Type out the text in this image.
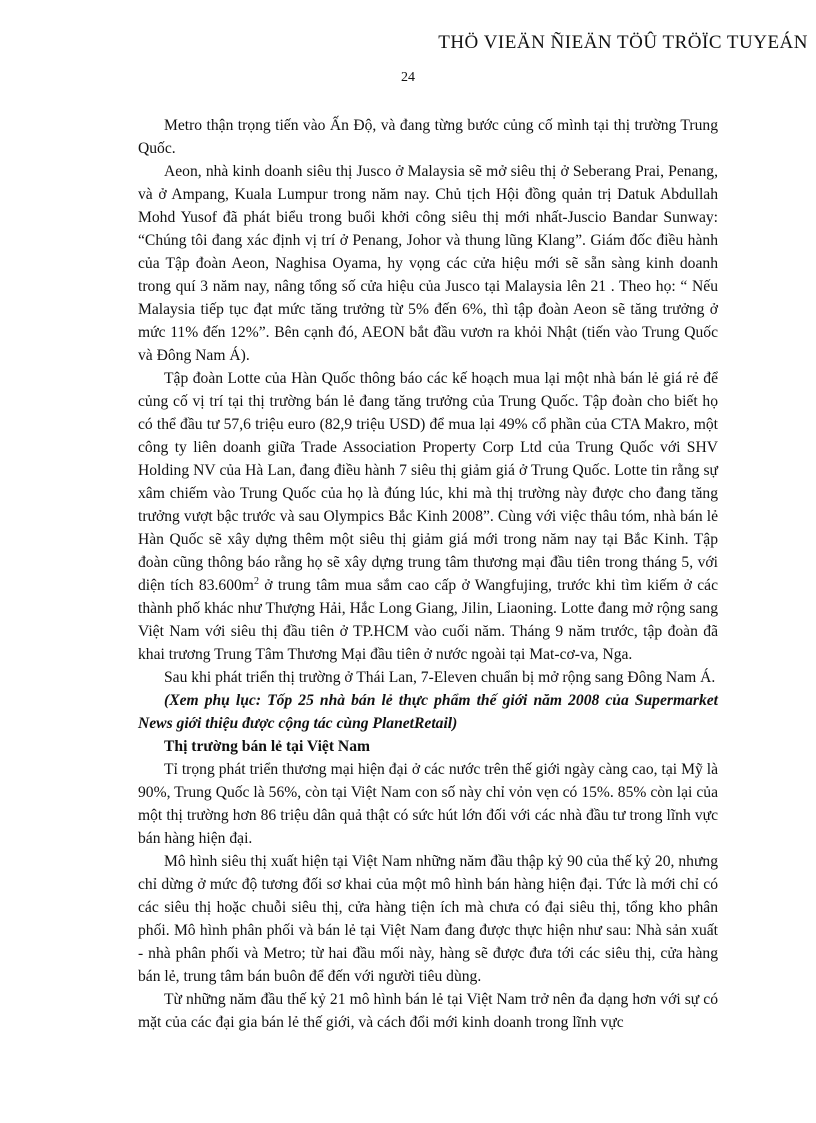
THÖ VIEÄN ÑIEÄN TÖÛ TRÖÏC TUYEÁN
24

Metro thận trọng tiến vào Ấn Độ, và đang từng bước củng cố mình tại thị trường Trung Quốc.

Aeon, nhà kinh doanh siêu thị Jusco ở Malaysia sẽ mở siêu thị ở Seberang Prai, Penang, và ở Ampang, Kuala Lumpur trong năm nay. Chủ tịch Hội đồng quản trị Datuk Abdullah Mohd Yusof đã phát biểu trong buổi khởi công siêu thị mới nhất-Juscio Bandar Sunway: “Chúng tôi đang xác định vị trí ở Penang, Johor và thung lũng Klang”. Giám đốc điều hành của Tập đoàn Aeon, Naghisa Oyama, hy vọng các cửa hiệu mới sẽ sẵn sàng kinh doanh trong quí 3 năm nay, nâng tổng số cửa hiệu của Jusco tại Malaysia lên 21 . Theo họ: “ Nếu Malaysia tiếp tục đạt mức tăng trưởng từ 5% đến 6%, thì tập đoàn Aeon sẽ tăng trưởng ở mức 11% đến 12%”. Bên cạnh đó, AEON bắt đầu vươn ra khỏi Nhật (tiến vào Trung Quốc và Đông Nam Á).

Tập đoàn Lotte của Hàn Quốc thông báo các kế hoạch mua lại một nhà bán lẻ giá rẻ để củng cố vị trí tại thị trường bán lẻ đang tăng trưởng của Trung Quốc. Tập đoàn cho biết họ có thể đầu tư 57,6 triệu euro (82,9 triệu USD) để mua lại 49% cổ phần của CTA Makro, một công ty liên doanh giữa Trade Association Property Corp Ltd của Trung Quốc với SHV Holding NV của Hà Lan, đang điều hành 7 siêu thị giảm giá ở Trung Quốc. Lotte tin rằng sự xâm chiếm vào Trung Quốc của họ là đúng lúc, khi mà thị trường này được cho đang tăng trưởng vượt bậc trước và sau Olympics Bắc Kinh 2008”. Cùng với việc thâu tóm, nhà bán lẻ Hàn Quốc sẽ xây dựng thêm một siêu thị giảm giá mới trong năm nay tại Bắc Kinh. Tập đoàn cũng thông báo rằng họ sẽ xây dựng trung tâm thương mại đầu tiên trong tháng 5, với diện tích $83.600m^2$ ở trung tâm mua sắm cao cấp ở Wangfujing, trước khi tìm kiếm ở các thành phố khác như Thượng Hải, Hắc Long Giang, Jilin, Liaoning. Lotte đang mở rộng sang Việt Nam với siêu thị đầu tiên ở TP.HCM vào cuối năm. Tháng 9 năm trước, tập đoàn đã khai trương Trung Tâm Thương Mại đầu tiên ở nước ngoài tại Mat-cơ-va, Nga.

Sau khi phát triển thị trường ở Thái Lan, 7-Eleven chuẩn bị mở rộng sang Đông Nam Á.

(Xem phụ lục: Tốp 25 nhà bán lẻ thực phẩm thế giới năm 2008 của Supermarket News giới thiệu được cộng tác cùng PlanetRetail)

Thị trường bán lẻ tại Việt Nam

Tỉ trọng phát triển thương mại hiện đại ở các nước trên thế giới ngày càng cao, tại Mỹ là 90%, Trung Quốc là 56%, còn tại Việt Nam con số này chỉ vỏn vẹn có 15%. 85% còn lại của một thị trường hơn 86 triệu dân quả thật có sức hút lớn đối với các nhà đầu tư trong lĩnh vực bán hàng hiện đại.

Mô hình siêu thị xuất hiện tại Việt Nam những năm đầu thập kỷ 90 của thế kỷ 20, nhưng chỉ dừng ở mức độ tương đối sơ khai của một mô hình bán hàng hiện đại. Tức là mới chỉ có các siêu thị hoặc chuỗi siêu thị, cửa hàng tiện ích mà chưa có đại siêu thị, tổng kho phân phối. Mô hình phân phối và bán lẻ tại Việt Nam đang được thực hiện như sau: Nhà sản xuất - nhà phân phối và Metro; từ hai đầu mối này, hàng sẽ được đưa tới các siêu thị, cửa hàng bán lẻ, trung tâm bán buôn để đến với người tiêu dùng.

Từ những năm đầu thế kỷ 21 mô hình bán lẻ tại Việt Nam trở nên đa dạng hơn với sự có mặt của các đại gia bán lẻ thế giới, và cách đổi mới kinh doanh trong lĩnh vực
